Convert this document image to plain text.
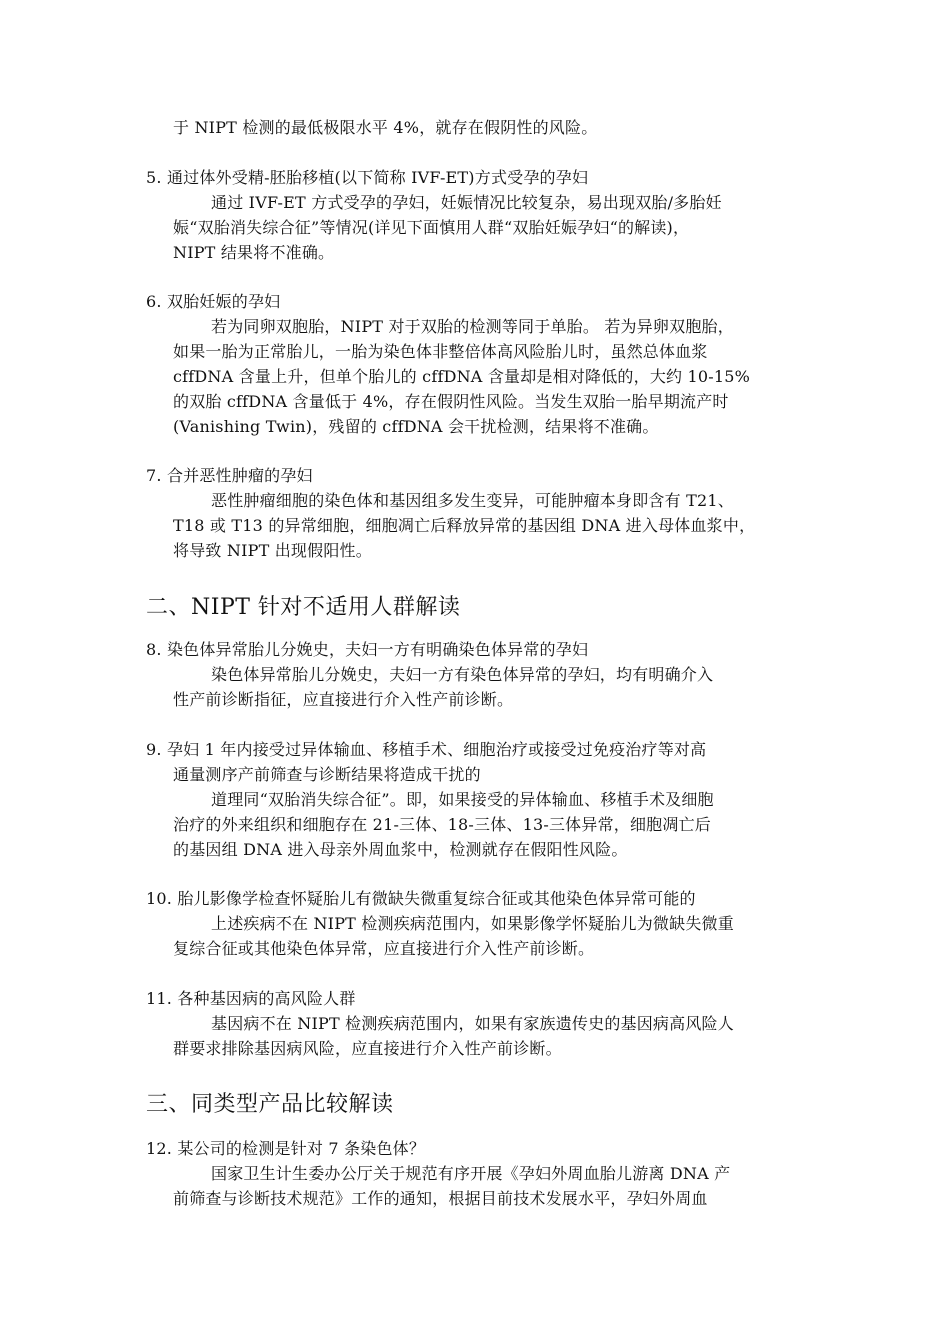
于 NIPT 检测的最低极限水平 4%，就存在假阴性的风险。
5. 通过体外受精-胚胎移植(以下简称 IVF-ET)方式受孕的孕妇
通过 IVF-ET 方式受孕的孕妇，妊娠情况比较复杂，易出现双胎/多胎妊
娠“双胎消失综合征”等情况(详见下面慎用人群“双胎妊娠孕妇“的解读)，
NIPT 结果将不准确。
6. 双胎妊娠的孕妇
若为同卵双胞胎，NIPT 对于双胎的检测等同于单胎。 若为异卵双胞胎，
如果一胎为正常胎儿，一胎为染色体非整倍体高风险胎儿时，虽然总体血浆
cffDNA 含量上升，但单个胎儿的 cffDNA 含量却是相对降低的，大约 10-15%
的双胎 cffDNA 含量低于 4%，存在假阴性风险。当发生双胎一胎早期流产时
(Vanishing Twin)，残留的 cffDNA 会干扰检测，结果将不准确。
7. 合并恶性肿瘤的孕妇
恶性肿瘤细胞的染色体和基因组多发生变异，可能肿瘤本身即含有 T21、
T18 或 T13 的异常细胞，细胞凋亡后释放异常的基因组 DNA 进入母体血浆中，
将导致 NIPT 出现假阳性。
二、NIPT 针对不适用人群解读
8. 染色体异常胎儿分娩史，夫妇一方有明确染色体异常的孕妇
染色体异常胎儿分娩史，夫妇一方有染色体异常的孕妇，均有明确介入
性产前诊断指征，应直接进行介入性产前诊断。
9. 孕妇 1 年内接受过异体输血、移植手术、细胞治疗或接受过免疫治疗等对高
通量测序产前筛查与诊断结果将造成干扰的
道理同“双胎消失综合征”。即，如果接受的异体输血、移植手术及细胞
治疗的外来组织和细胞存在 21-三体、18-三体、13-三体异常，细胞凋亡后
的基因组 DNA 进入母亲外周血浆中，检测就存在假阳性风险。
10. 胎儿影像学检查怀疑胎儿有微缺失微重复综合征或其他染色体异常可能的
上述疾病不在 NIPT 检测疾病范围内，如果影像学怀疑胎儿为微缺失微重
复综合征或其他染色体异常，应直接进行介入性产前诊断。
11. 各种基因病的高风险人群
基因病不在 NIPT 检测疾病范围内，如果有家族遗传史的基因病高风险人
群要求排除基因病风险，应直接进行介入性产前诊断。
三、同类型产品比较解读
12. 某公司的检测是针对 7 条染色体？
国家卫生计生委办公厅关于规范有序开展《孕妇外周血胎儿游离 DNA 产
前筛查与诊断技术规范》工作的通知，根据目前技术发展水平，孕妇外周血
